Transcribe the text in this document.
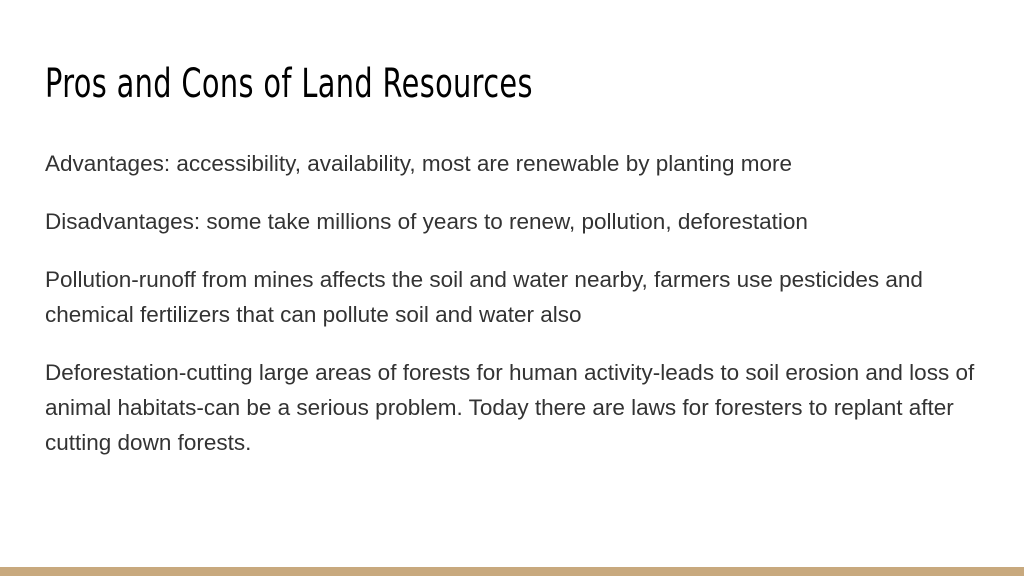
Pros and Cons of Land Resources

Advantages: accessibility, availability, most are renewable by planting more

Disadvantages: some take millions of years to renew, pollution, deforestation

Pollution-runoff from mines affects the soil and water nearby, farmers use pesticides and chemical fertilizers that can pollute soil and water also

Deforestation-cutting large areas of forests for human activity-leads to soil erosion and loss of animal habitats-can be a serious problem. Today there are laws for foresters to replant after cutting down forests.
